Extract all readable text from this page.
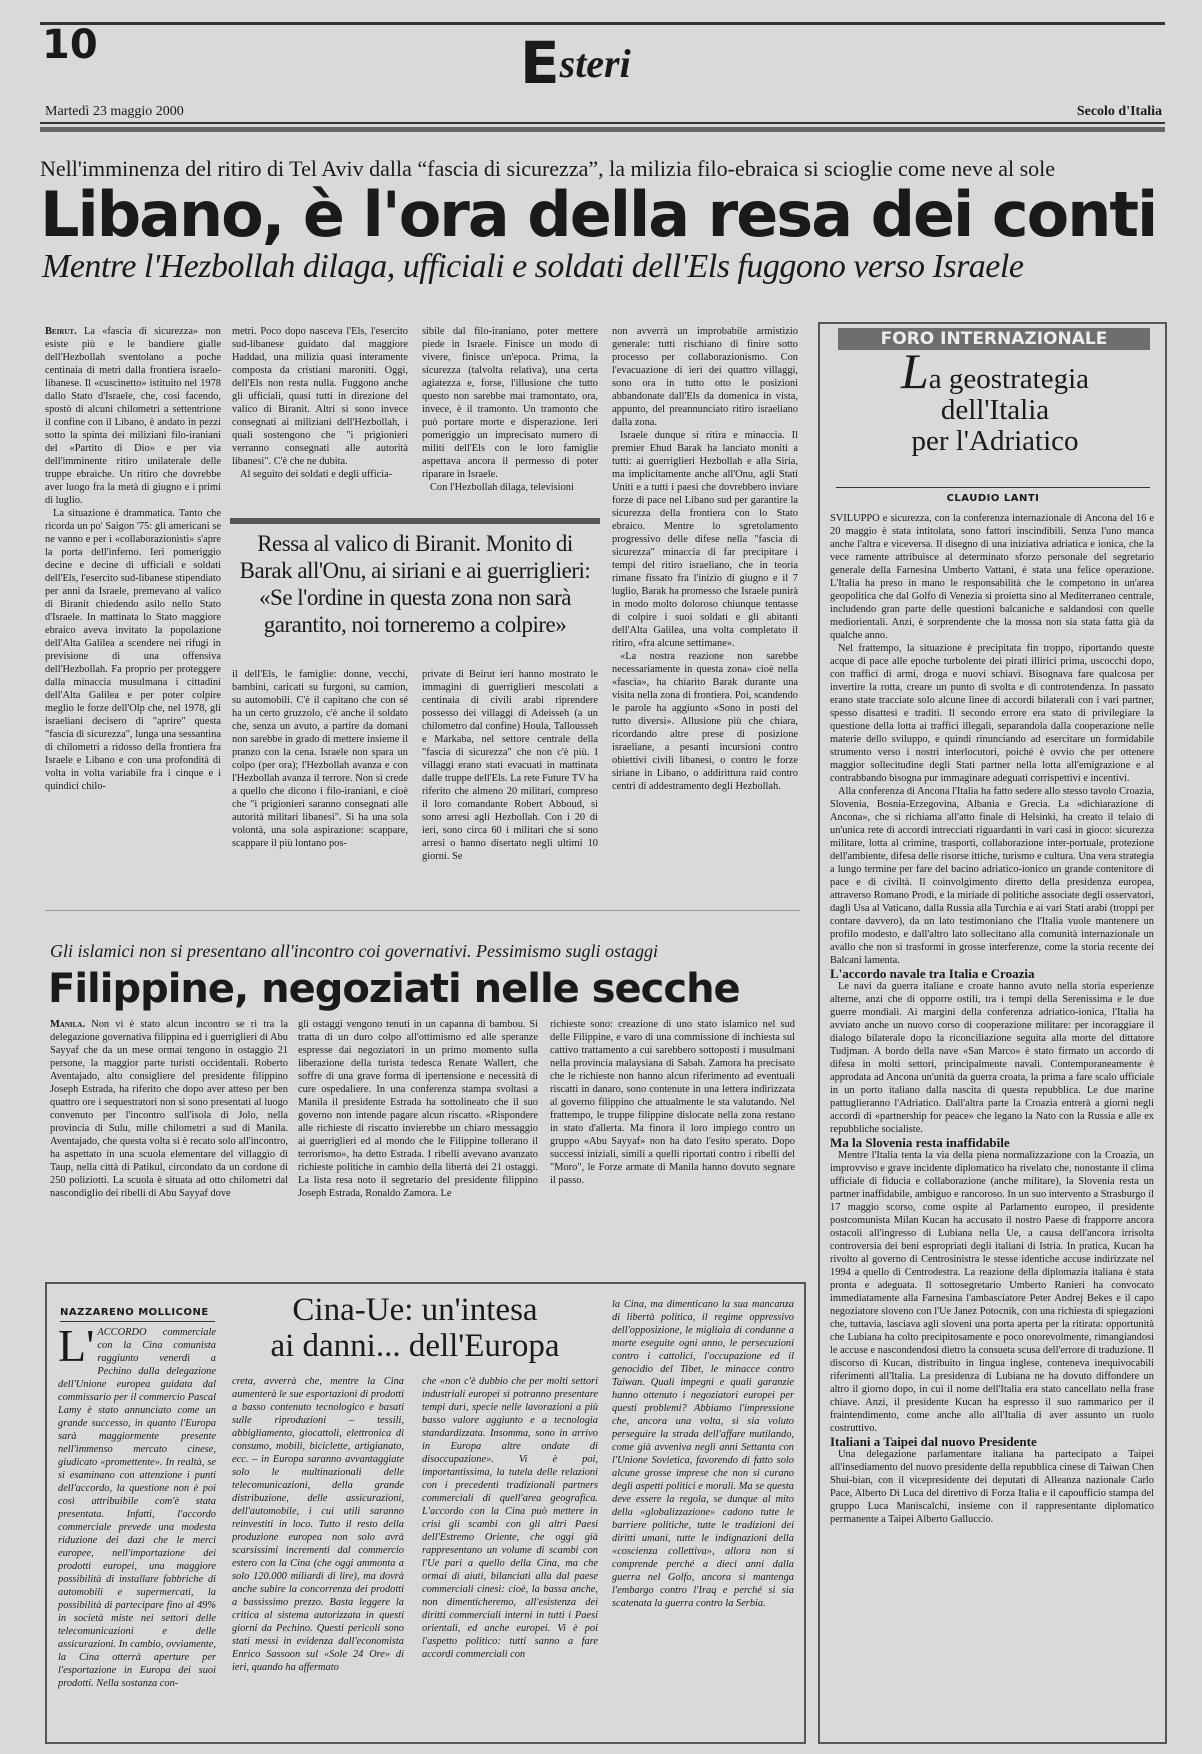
10	Esteri
Martedì 23 maggio 2000	Secolo d'Italia
Nell'imminenza del ritiro di Tel Aviv dalla “fascia di sicurezza”, la milizia filo-ebraica si scioglie come neve al sole
Libano, è l'ora della resa dei conti
Mentre l'Hezbollah dilaga, ufficiali e soldati dell'Els fuggono verso Israele

Beirut. La «fascia di sicurezza» non esiste più e le bandiere gialle dell'Hezbollah sventolano a poche centinaia di metri dalla frontiera israelo-libanese. Il «cuscinetto» istituito nel 1978 dallo Stato d'Israele, che, così facendo, spostò di alcuni chilometri a settentrione il confine con il Libano, è andato in pezzi sotto la spinta dei miliziani filo-iraniani del «Partito di Dio» e per via dell'imminente ritiro unilaterale delle truppe ebraiche. Un ritiro che dovrebbe aver luogo fra la metà di giugno e i primi di luglio.

La situazione è drammatica. Tanto che ricorda un po' Saigon '75: gli americani se ne vanno e per i «collaborazionisti» s'apre la porta dell'inferno. Ieri pomeriggio decine e decine di ufficiali e soldati dell'Els, l'esercito sud-libanese stipendiato per anni da Israele, premevano al valico di Biranit chiedendo asilo nello Stato d'Israele. In mattinata lo Stato maggiore ebraico aveva invitato la popolazione dell'Alta Galilea a scendere nei rifugi in previsione di una offensiva dell'Hezbollah. Fa proprio per proteggere dalla minaccia musulmana i cittadini dell'Alta Galilea e per poter colpire meglio le forze dell'Olp che, nel 1978, gli israeliani decisero di "aprire" questa "fascia di sicurezza", lunga una sessantina di chilometri a ridosso della frontiera fra Israele e Libano e con una profondità di volta in volta variabile fra i cinque e i quindici chilo-

metri. Poco dopo nasceva l'Els, l'esercito sud-libanese guidato dal maggiore Haddad, una milizia quasi interamente composta da cristiani maroniti. Oggi, dell'Els non resta nulla. Fuggono anche gli ufficiali, quasi tutti in direzione del valico di Biranit. Altri si sono invece consegnati ai miliziani dell'Hezbollah, i quali sostengono che "i prigionieri verranno consegnati alle autorità libanesi". C'è che ne dubita.

Al seguito dei soldati e degli ufficia-

sibile dal filo-iraniano, poter mettere piede in Israele. Finisce un modo di vivere, finisce un'epoca. Prima, la sicurezza (talvolta relativa), una certa agiatezza e, forse, l'illusione che tutto questo non sarebbe mai tramontato, ora, invece, è il tramonto. Un tramonto che può portare morte e disperazione. Ieri pomeriggio un imprecisato numero di militi dell'Els con le loro famiglie aspettava ancora il permesso di poter riparare in Israele.

Con l'Hezbollah dilaga, televisioni

non avverrà un improbabile armistizio generale: tutti rischiano di finire sotto processo per collaborazionismo. Con l'evacuazione di ieri dei quattro villaggi, sono ora in tutto otto le posizioni abbandonate dall'Els da domenica in vista, appunto, del preannunciato ritiro israeliano dalla zona.

Israele dunque si ritira e minaccia. Il premier Ehud Barak ha lanciato moniti a tutti: ai guerriglieri Hezbollah e alla Siria, ma implicitamente anche all'Onu, agli Stati Uniti e a tutti i paesi che dovrebbero inviare forze di pace nel Libano sud per garantire la sicurezza della frontiera con lo Stato ebraico. Mentre lo sgretolamento progressivo delle difese nella "fascia di sicurezza" minaccia di far precipitare i tempi del ritiro israeliano, che in teoria rimane fissato fra l'inizio di giugno e il 7 luglio, Barak ha promesso che Israele punirà in modo molto doloroso chiunque tentasse di colpire i suoi soldati e gli abitanti dell'Alta Galilea, una volta completato il ritiro, «fra alcune settimane».

«La nostra reazione non sarebbe necessariamente in questa zona» cioè nella «fascia», ha chiarito Barak durante una visita nella zona di frontiera. Poi, scandendo le parole ha aggiunto «Sono in posti del tutto diversi». Allusione più che chiara, ricordando altre prese di posizione israeliane, a pesanti incursioni contro obiettivi civili libanesi, o contro le forze siriane in Libano, o addirittura raid contro centri di addestramento degli Hezbollah.

Ressa al valico di Biranit. Monito di Barak all'Onu, ai siriani e ai guerriglieri: «Se l'ordine in questa zona non sarà garantito, noi torneremo a colpire»

il dell'Els, le famiglie: donne, vecchi, bambini, caricati su furgoni, su camion, su automobili. C'è il capitano che con sé ha un certo gruzzolo, c'è anche il soldato che, senza un avuto, a partire da domani non sarebbe in grado di mettere insieme il pranzo con la cena. Israele non spara un colpo (per ora); l'Hezbollah avanza e con l'Hezbollah avanza il terrore. Non si crede a quello che dicono i filo-iraniani, e cioè che "i prigionieri saranno consegnati alle autorità militari libanesi". Si ha una sola volontà, una sola aspirazione: scappare, scappare il più lontano pos-

private di Beirut ieri hanno mostrato le immagini di guerriglieri mescolati a centinaia di civili arabi riprendere possesso dei villaggi di Adeisseh (a un chilometro dal confine) Houla, Tallousseh e Markaba, nel settore centrale della "fascia di sicurezza" che non c'è più. I villaggi erano stati evacuati in mattinata dalle truppe dell'Els. La rete Future TV ha riferito che almeno 20 militari, compreso il loro comandante Robert Abboud, si sono arresi agli Hezbollah. Con i 20 di ieri, sono circa 60 i militari che si sono arresi o hanno disertato negli ultimi 10 giorni. Se

FORO INTERNAZIONALE
La geostrategia
dell'Italia
per l'Adriatico
CLAUDIO LANTI

SVILUPPO e sicurezza, con la conferenza internazionale di Ancona del 16 e 20 maggio è stata intitolata, sono fattori inscindibili. Senza l'uno manca anche l'altra e viceversa. Il disegno di una iniziativa adriatica e ionica, che la vece ramente attribuisce al determinato sforzo personale del segretario generale della Farnesina Umberto Vattani, è stata una felice operazione. L'Italia ha preso in mano le responsabilità che le competono in un'area geopolitica che dal Golfo di Venezia si proietta sino al Mediterraneo centrale, includendo gran parte delle questioni balcaniche e saldandosi con quelle mediorientali. Anzi, è sorprendente che la mossa non sia stata fatta già da qualche anno.

Nel frattempo, la situazione è precipitata fin troppo, riportando queste acque di pace alle epoche turbolente dei pirati illirici prima, uscocchi dopo, con traffici di armi, droga e nuovi schiavi. Bisognava fare qualcosa per invertire la rotta, creare un punto di svolta e di controtendenza. In passato erano state tracciate solo alcune linee di accordi bilaterali con i vari partner, spesso disattesi e traditi. Il secondo errore era stato di privilegiare la questione della lotta ai traffici illegali, separandola dalla cooperazione nelle materie dello sviluppo, e quindi rinunciando ad esercitare un formidabile strumento verso i nostri interlocutori, poiché è ovvio che per ottenere maggior sollecitudine degli Stati partner nella lotta all'emigrazione e al contrabbando bisogna pur immaginare adeguati corrispettivi e incentivi.

Alla conferenza di Ancona l'Italia ha fatto sedere allo stesso tavolo Croazia, Slovenia, Bosnia-Erzegovina, Albania e Grecia. La «dichiarazione di Ancona», che si richiama all'atto finale di Helsinki, ha creato il telaio di un'unica rete di accordi intrecciati riguardanti in vari casi in gioco: sicurezza militare, lotta al crimine, trasporti, collaborazione inter-portuale, protezione dell'ambiente, difesa delle risorse ittiche, turismo e cultura. Una vera strategia a lungo termine per fare del bacino adriatico-ionico un grande contenitore di pace e di civiltà. Il coinvolgimento diretto della presidenza europea, attraverso Romano Prodi, e la miriade di politiche associate degli osservatori, dagli Usa al Vaticano, dalla Russia alla Turchia e ai vari Stati arabi (troppi per contare davvero), da un lato testimoniano che l'Italia vuole mantenere un profilo modesto, e dall'altro lato sollecitano alla comunità internazionale un avallo che non si trasformi in grosse interferenze, come la storia recente dei Balcani lamenta.

L'accordo navale tra Italia e Croazia

Le navi da guerra italiane e croate hanno avuto nella storia esperienze alterne, anzi che di opporre ostili, tra i tempi della Serenissima e le due guerre mondiali. Ai margini della conferenza adriatico-ionica, l'Italia ha avviato anche un nuovo corso di cooperazione militare: per incoraggiare il dialogo bilaterale dopo la riconciliazione seguita alla morte del dittatore Tudjman. A bordo della nave «San Marco» è stato firmato un accordo di difesa in molti settori, principalmente navali. Contemporaneamente è approdata ad Ancona un'unità da guerra croata, la prima a fare scalo ufficiale in un porto italiano dalla nascita di questa repubblica. Le due marine pattuglieranno l'Adriatico. Dall'altra parte la Croazia entrerà a giorni negli accordi di «partnership for peace» che legano la Nato con la Russia e alle ex repubbliche socialiste.

Ma la Slovenia resta inaffidabile

Mentre l'Italia tenta la via della piena normalizzazione con la Croazia, un improvviso e grave incidente diplomatico ha rivelato che, nonostante il clima ufficiale di fiducia e collaborazione (anche militare), la Slovenia resta un partner inaffidabile, ambiguo e rancoroso. In un suo intervento a Strasburgo il 17 maggio scorso, come ospite al Parlamento europeo, il presidente postcomunista Milan Kucan ha accusato il nostro Paese di frapporre ancora ostacoli all'ingresso di Lubiana nella Ue, a causa dell'ancora irrisolta controversia dei beni espropriati degli italiani di Istria. In pratica, Kucan ha rivolto al governo di Centrosinistra le stesse identiche accuse indirizzate nel 1994 a quello di Centrodestra. La reazione della diplomazia italiana è stata pronta e adeguata. Il sottosegretario Umberto Ranieri ha convocato immediatamente alla Farnesina l'ambasciatore Peter Andrej Bekes e il capo negoziatore sloveno con l'Ue Janez Potocnik, con una richiesta di spiegazioni che, tuttavia, lasciava agli sloveni una porta aperta per la ritirata: opportunità che Lubiana ha colto precipitosamente e poco onorevolmente, rimangiandosi le accuse e nascondendosi dietro la consueta scusa dell'errore di traduzione. Il discorso di Kucan, distribuito in lingua inglese, conteneva inequivocabili riferimenti all'Italia. La presidenza di Lubiana ne ha dovuto diffondere un altro il giorno dopo, in cui il nome dell'Italia era stato cancellato nella frase chiave. Anzi, il presidente Kucan ha espresso il suo rammarico per il fraintendimento, come anche allo all'Italia di aver assunto un ruolo costruttivo.

Italiani a Taipei dal nuovo Presidente

Una delegazione parlamentare italiana ha partecipato a Taipei all'insediamento del nuovo presidente della repubblica cinese di Taiwan Chen Shui-bian, con il vicepresidente dei deputati di Alleanza nazionale Carlo Pace, Alberto Di Luca del direttivo di Forza Italia e il capoufficio stampa del gruppo Luca Maniscalchi, insieme con il rappresentante diplomatico permanente a Taipei Alberto Galluccio.

Gli islamici non si presentano all'incontro coi governativi. Pessimismo sugli ostaggi
Filippine, negoziati nelle secche

Manila. Non vi è stato alcun incontro se ri tra la delegazione governativa filippina ed i guerriglieri di Abu Sayyaf che da un mese ormai tengono in ostaggio 21 persone, la maggior parte turisti occidentali. Roberto Aventajado, alto consigliere del presidente filippino Joseph Estrada, ha riferito che dopo aver atteso per ben quattro ore i sequestratori non si sono presentati al luogo convenuto per l'incontro sull'isola di Jolo, nella provincia di Sulu, mille chilometri a sud di Manila. Aventajado, che questa volta si è recato solo all'incontro, ha aspettato in una scuola elementare del villaggio di Taup, nella città di Patikul, circondato da un cordone di 250 poliziotti. La scuola è situata ad otto chilometri dal nascondiglio dei ribelli di Abu Sayyaf dove

gli ostaggi vengono tenuti in un capanna di bambou. Si tratta di un duro colpo all'ottimismo ed alle speranze espresse dai negoziatori in un primo momento sulla liberazione della turista tedesca Renate Wallert, che soffre di una grave forma di ipertensione e necessità di cure ospedaliere. In una conferenza stampa svoltasi a Manila il presidente Estrada ha sottolineato che il suo governo non intende pagare alcun riscatto. «Rispondere alle richieste di riscatto invierebbe un chiaro messaggio ai guerriglieri ed al mondo che le Filippine tollerano il terrorismo», ha detto Estrada. I ribelli avevano avanzato richieste politiche in cambio della libertà dei 21 ostaggi. La lista resa noto il segretario del presidente filippino Joseph Estrada, Ronaldo Zamora. Le

richieste sono: creazione di uno stato islamico nel sud delle Filippine, e varo di una commissione di inchiesta sul cattivo trattamento a cui sarebbero sottoposti i musulmani nella provincia malaysiana di Sabah. Zamora ha precisato che le richieste non hanno alcun riferimento ad eventuali riscatti in danaro, sono contenute in una lettera indirizzata al governo filippino che attualmente le sta valutando. Nel frattempo, le truppe filippine dislocate nella zona restano in stato d'allerta. Ma finora il loro impiego contro un gruppo «Abu Sayyaf» non ha dato l'esito sperato. Dopo successi iniziali, simili a quelli riportati contro i ribelli del "Moro", le Forze armate di Manila hanno dovuto segnare il passo.

NAZZARENO MOLLICONE	Cina-Ue: un'intesa
ai danni... dell'Europa

L' ACCORDO commerciale con la Cina comunista raggiunto venerdì a Pechino dalla delegazione dell'Unione europea guidata dal commissario per il commercio Pascal Lamy è stato annunciato come un grande successo, in quanto l'Europa sarà maggiormente presente nell'immenso mercato cinese, giudicato «promettente». In realtà, se si esaminano con attenzione i punti dell'accordo, la questione non è poi così attribuibile com'è stata presentata. Infatti, l'accordo commerciale prevede una modesta riduzione dei dazi che le merci europee, nell'importazione dei prodotti europei, una maggiore possibilità di installare fabbriche di automobili e supermercati, la possibilità di partecipare fino al 49% in società miste nei settori delle telecomunicazioni e delle assicurazioni. In cambio, ovviamente, la Cina otterrà aperture per l'esportazione in Europa dei suoi prodotti. Nella sostanza con-

creta, avverrà che, mentre la Cina aumenterà le sue esportazioni di prodotti a basso contenuto tecnologico e basati sulle riproduzioni – tessili, abbigliamento, giocattoli, elettronica di consumo, mobili, biciclette, artigianato, ecc. – in Europa saranno avvantaggiate solo le multinazionali delle telecomunicazioni, della grande distribuzione, delle assicurazioni, dell'automobile, i cui utili saranno reinvestiti in loco. Tutto il resto della produzione europea non solo avrà scarsissimi incrementi dal commercio estero con la Cina (che oggi ammonta a solo 120.000 miliardi di lire), ma dovrà anche subire la concorrenza dei prodotti a bassissimo prezzo. Basta leggere la critica al sistema autorizzata in questi giorni da Pechino. Questi pericoli sono stati messi in evidenza dall'economista Enrico Sassoon sul «Sole 24 Ore» di ieri, quando ha affermato

che «non c'è dubbio che per molti settori industriali europei si potranno presentare tempi duri, specie nelle lavorazioni a più basso valore aggiunto e a tecnologia standardizzata. Insomma, sono in arrivo in Europa altre ondate di disoccupazione». Vi è poi, importantissima, la tutela delle relazioni con i precedenti tradizionali partners commerciali di quell'area geografica. L'accordo con la Cina può mettere in crisi gli scambi con gli altri Paesi dell'Estremo Oriente, che oggi già rappresentano un volume di scambi con l'Ue pari a quello della Cina, ma che ormai di aiuti, bilanciati alla dal paese commerciali cinesi: cioè, la bassa anche, non dimenticheremo, all'esistenza dei diritti commerciali interni in tutti i Paesi orientali, ed anche europei. Vi è poi l'aspetto politico: tutti sanno a fare accordi commerciali con

la Cina, ma dimenticano la sua mancanza di libertà politica, il regime oppressivo dell'opposizione, le migliaia di condanne a morte eseguite ogni anno, le persecuzioni contro i cattolici, l'occupazione ed il genocidio del Tibet, le minacce contro Taiwan. Quali impegni e quali garanzie hanno ottenuto i negoziatori europei per questi problemi? Abbiamo l'impressione che, ancora una volta, si sia voluto perseguire la strada dell'affare mutilando, come già avveniva negli anni Settanta con l'Unione Sovietica, favorendo di fatto solo alcune grosse imprese che non si curano degli aspetti politici e morali. Ma se questa deve essere la regola, se dunque al mito della «globalizzazione» cadono tutte le barriere politiche, tutte le tradizioni dei diritti umani, tutte le indignazioni della «coscienza collettiva», allora non si comprende perché a dieci anni dalla guerra nel Golfo, ancora si mantenga l'embargo contro l'Iraq e perché si sia scatenata la guerra contro la Serbia.
